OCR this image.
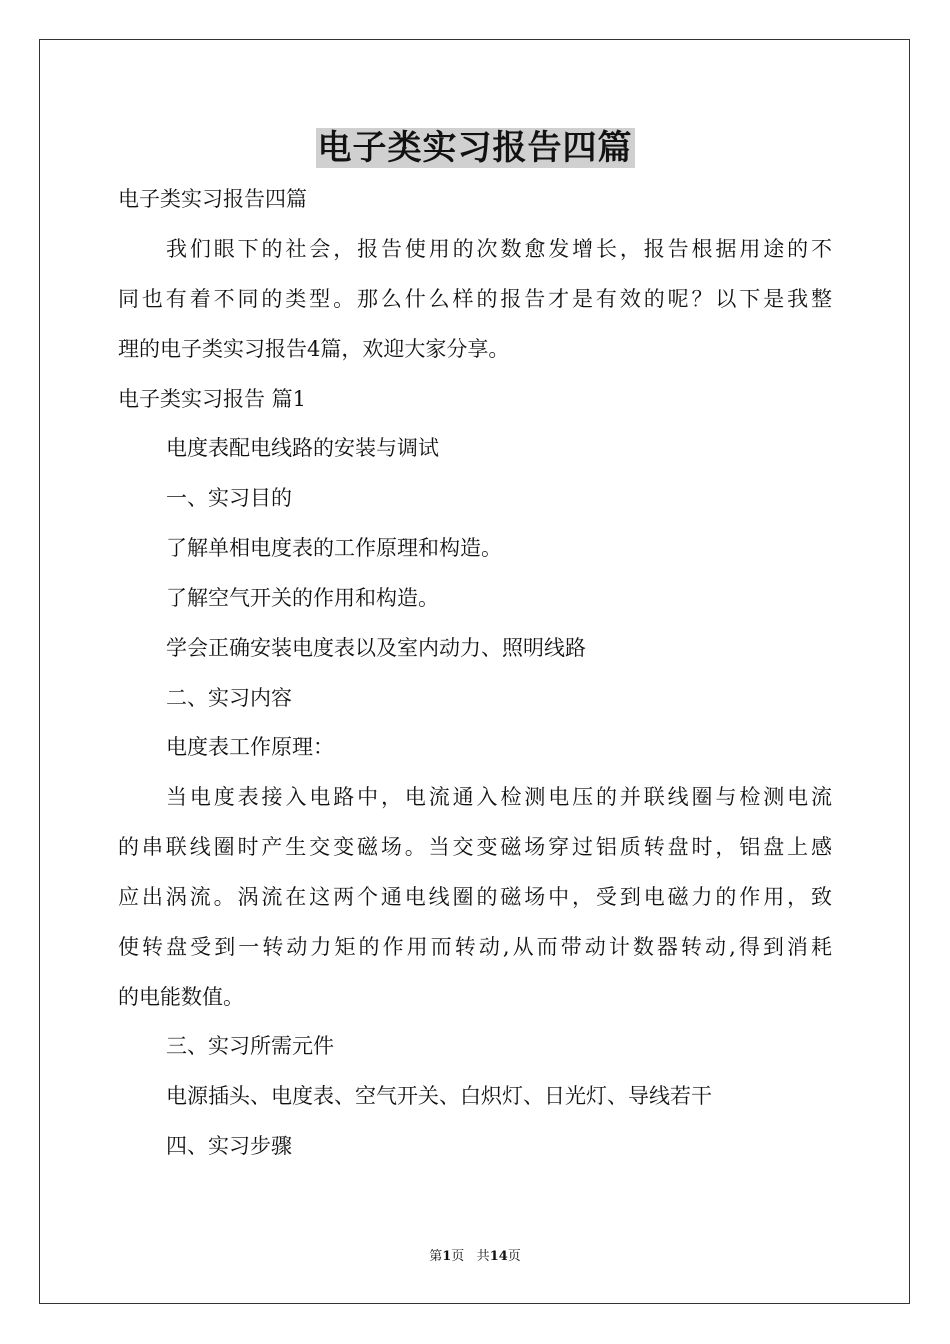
电子类实习报告四篇
电子类实习报告四篇
我们眼下的社会，报告使用的次数愈发增长，报告根据用途的不
同也有着不同的类型。那么什么样的报告才是有效的呢？以下是我整
理的电子类实习报告4篇，欢迎大家分享。
电子类实习报告 篇1
电度表配电线路的安装与调试
一、实习目的
了解单相电度表的工作原理和构造。
了解空气开关的作用和构造。
学会正确安装电度表以及室内动力、照明线路
二、实习内容
电度表工作原理：
当电度表接入电路中，电流通入检测电压的并联线圈与检测电流
的串联线圈时产生交变磁场。当交变磁场穿过铝质转盘时，铝盘上感
应出涡流。涡流在这两个通电线圈的磁场中，受到电磁力的作用，致
使转盘受到一转动力矩的作用而转动,从而带动计数器转动,得到消耗
的电能数值。
三、实习所需元件
电源插头、电度表、空气开关、白炽灯、日光灯、导线若干
四、实习步骤
第1页 共14页
